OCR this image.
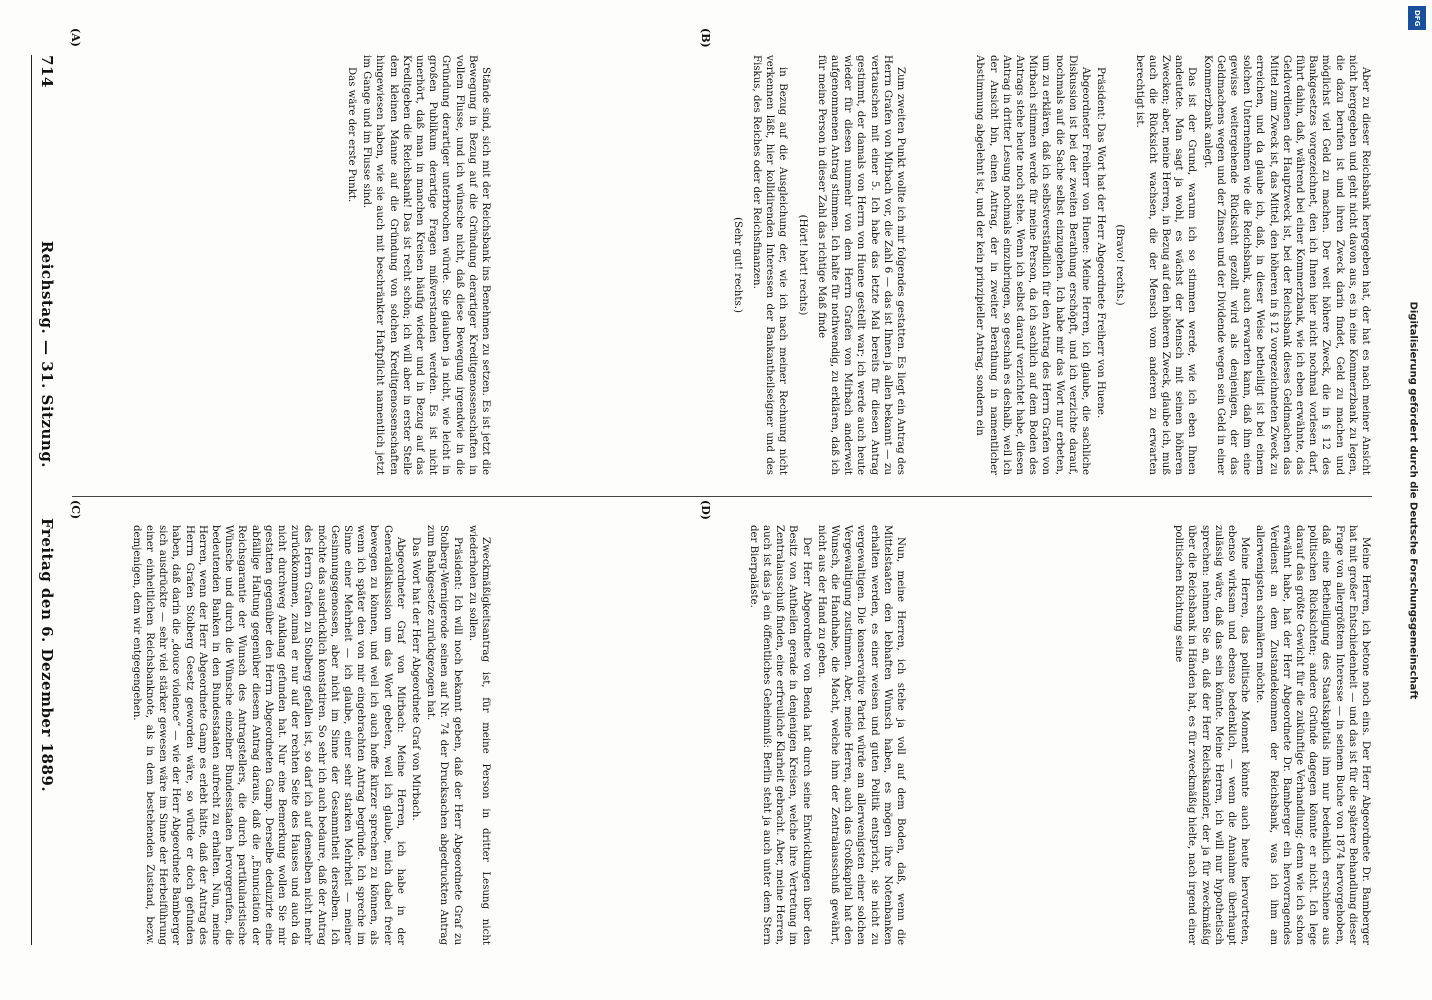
714
Reichstag. — 31. Sitzung.
Freitag den 6. Dezember 1889.
(A)	(B)
(C)	(D)

Stände sind, sich mit der Reichsbank ins Benehmen zu setzen. Es ist jetzt die Bewegung in Bezug auf die Gründung derartiger Kreditgenossenschaften in vollem Flusse, und ich wünsche nicht, daß diese Bewegung irgendwie in die Gründung derartiger unterbrochen würde. Sie glauben ja nicht, wie leicht in großen Publikum derartige Fragen mißverstanden werden. Es ist nicht unerhört, daß man in manchen Kreisen häufig wieder und in Bezug auf das Kreditgeben die Reichsbank! Das ist recht schön; ich will aber in erster Stelle dem kleinen Manne auf die Gründung von solchen Kreditgenossenschaften hingewiesen haben, wie sie auch mit beschränkter Haftpflicht namentlich jetzt im Gange und im Flusse sind.

Das wäre der erste Punkt.	Zum zweiten Punkt wollte ich mir folgendes gestatten. Es liegt ein Antrag des Herrn Grafen von Mirbach vor, die Zahl 6 — das ist Ihnen ja allen bekannt — zu vertauschen mit einer 5. Ich habe das letzte Mal bereits für diesen Antrag gestimmt, der damals von Herrn von Huene gestellt war; ich werde auch heute wieder für diesen nunmehr von dem Herrn Grafen von Mirbach anderweit aufgenommenen Antrag stimmen. Ich halte für nothwendig, zu erklären, daß ich für meine Person in dieser Zahl das richtige Maß finde

(Hört! hört! rechts)

in Bezug auf die Ausgleichung der, wie ich nach meiner Rechnung nicht verkennen läßt, hier kollidirenden Interessen der Bankantheilseigner und des Fiskus, des Reiches oder der Reichsfinanzen.

(Sehr gut! rechts.)	Aber zu dieser Reichsbank hergegeben hat, der hat es nach meiner Ansicht nicht hergegeben und geht nicht davon aus, es in eine Kommerzbank zu legen, die dazu berufen ist und ihren Zweck darin findet, Geld zu machen und möglichst viel Geld zu machen. Der weit höhere Zweck, die in § 12 des Bankgesetzes vorgezeichnet, den ich Ihnen hier nicht nochmal vorlesen darf, führt dahin, daß, während bei einer Kommerzbank, wie ich eben erwähnte, das Geldverdienen der Hauptzweck ist, bei der Reichsbank dieses Geldmachen das Mittel zum Zweck ist, das Mittel, den höheren in § 12 vorgezeichneten Zweck zu erreichen, und da glaube ich, daß, in dieser Weise betheiligt ist bei einem solchen Unternehmen wie die Reichsbank, auch erwarten kann, daß ihm eine gewisse weitergehende Rücksicht gezollt wird als denjenigen, der das Geldmachens wegen und der Zinsen und der Dividende wegen sein Geld in einer Kommerzbank anlegt.

Das ist der Grund, warum ich so stimmen werde, wie ich eben Ihnen andeutete. Man sagt ja wohl, es wächst der Mensch mit seinen höheren Zwecken; aber, meine Herren, in Bezug auf den höheren Zweck, glaube ich, muß auch die Rücksicht wachsen, die der Mensch vom anderen zu erwarten berechtigt ist.

(Bravo! rechts.)

Präsident: Das Wort hat der Herr Abgeordnete Freiherr von Huene.

Abgeordneter Freiherr von Huene: Meine Herren, ich glaube, die sachliche Diskussion ist bei der zweiten Berathung erschöpft, und ich verzichte darauf, nochmals auf die Sache selbst einzugehen. Ich habe mir das Wort nur erbeten, um zu erklären, daß ich selbstverständlich für den Antrag des Herrn Grafen von Mirbach stimmen werde für meine Person, da ich sachlich auf dem Boden des Antrags stehe heute noch stehe. Wenn ich selbst darauf verzichtet habe, diesen Antrag in dritter Lesung nochmals einzubringen, so geschah es deshalb, weil ich der Ansicht bin, einen Antrag, der in zweiter Berathung in namentlicher Abstimmung abgelehnt ist, und der kein prinzipieller Antrag, sondern ein

Zweckmäßigkeitsantrag ist, für meine Person in dritter Lesung nicht wiederholen zu sollen.

Präsident: Ich will noch bekannt geben, daß der Herr Abgeordnete Graf zu Stolberg-Wernigerode seinen auf Nr. 74 der Drucksachen abgedruckten Antrag zum Bankgesetze zurückgezogen hat.

Das Wort hat der Herr Abgeordnete Graf von Mirbach.

Abgeordneter Graf von Mirbach: Meine Herren, ich habe in der Generaldiskussion um das Wort gebeten, weil ich glaube, mich dabei freier bewegen zu können, und weil ich auch hoffe kürzer sprechen zu können, als wenn ich später den von mir eingebrachten Antrag begründe. Ich spreche im Sinne einer Mehrheit — ich glaube, einer sehr starken Mehrheit — meiner Gesinnungsgenossen, aber nicht im Sinne der Gesammtheit derselben. Ich möchte das ausdrücklich konstatiren. So sehr ich auch bedaure, daß der Antrag des Herrn Grafen zu Stolberg gefallen ist, so darf ich auf denselben nicht mehr zurückkommen, zumal er nur auf der rechten Seite des Hauses und auch da nicht durchweg Anklang gefunden hat. Nur eine Bemerkung wollen Sie mir gestatten gegenüber den Herrn Abgeordneten Gamp. Derselbe deduzirte eine abfällige Haltung gegenüber diesem Antrag daraus, daß die „Enunciation der Reichsgarantie der Wunsch des Antragstellers, die durch partikularistische Wünsche und durch die Wünsche einzelner Bundesstaaten hervorgerufen, die bedeutenden Banken in den Bundesstaaten aufrecht zu erhalten. Nun, meine Herren, wenn der Herr Abgeordnete Gamp es erlebt hätte, daß der Antrag des Herrn Grafen Stolberg Gesetz geworden wäre, so würde er doch gefunden haben, daß darin die „douce violence“ — wie der Herr Abgeordnete Bamberger sich ausdrückte — sehr viel stärker gewesen wäre im Sinne der Herbeiführung einer einheitlichen Reichsbanknote, als in dem bestehenden Zustand, bezw. demjenigen, dem wir entgegengehen.	Nun, meine Herren, ich stehe ja voll auf dem Boden, daß, wenn die Mittelstaaten den lebhaften Wunsch haben, es mögen ihre Notenbanken erhalten werden, es einer weisen und guten Politik entspricht, sie nicht zu vergewaltigen. Die konservative Partei würde am allerwenigsten einer solchen Vergewaltigung zustimmen. Aber, meine Herren, auch das Großkapital hat den Wunsch, die Handhabe, die Macht, welche ihm der Zentralausschuß gewährt, nicht aus der Hand zu geben.

Der Herr Abgeordnete von Benda hat durch seine Entwicklungen über den Besitz von Antheilen gerade in denjenigen Kreisen, welche ihre Vertretung im Zentralausschuß finden, eine erfreuliche Klarheit gebracht. Aber, meine Herren, auch ist das ja ein öffentliches Geheimniß: Berlin steht ja auch unter dem Stern der Bierpaläste.	Meine Herren, ich betone noch eins. Der Herr Abgeordnete Dr. Bamberger hat mit großer Entschiedenheit — und das ist für die spätere Behandlung dieser Frage von allergrößtem Interesse — in seinem Buche von 1874 hervorgehoben, daß eine Betheiligung des Staatskapitals ihm nur bedenklich erschiene aus politischen Rücksichten; andere Gründe dagegen könnte er nicht. Ich lege darauf das größte Gewicht für die zukünftige Verhandlung; denn wie ich schon erwähnt habe, hat der Herr Abgeordnete Dr. Bamberger ein hervorragendes Verdienst an dem Zustandekommen der Reichsbank, was ich ihm am allerwenigsten schmälern möchte.

Meine Herren, das politische Moment könnte auch heute hervortreten, ebenso wirksam und ebenso bedenklich, — wenn die Annahme überhaupt zulässig wäre, daß das sein könnte. Meine Herren, ich will nur hypothetisch sprechen: nehmen Sie an, daß der Herr Reichskanzler, der ja für zweckmäßig über die Reichsbank in Händen hat, es für zweckmäßig hielte, nach irgend einer politischen Richtung seine	Digitalisierung gefördert durch die Deutsche Forschungsgemeinschaft
DFG
